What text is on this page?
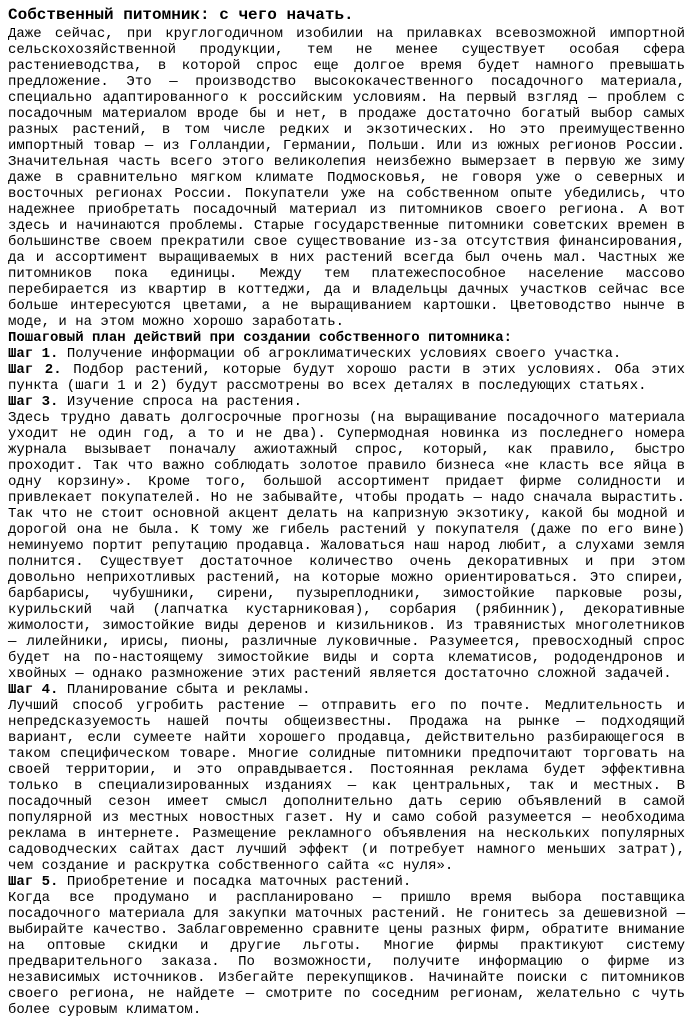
Собственный питомник: с чего начать.

Даже сейчас, при круглогодичном изобилии на прилавках всевозможной импортной сельскохозяйственной продукции, тем не менее существует особая сфера растениеводства, в которой спрос еще долгое время будет намного превышать предложение. Это — производство высококачественного посадочного материала, специально адаптированного к российским условиям. На первый взгляд — проблем с посадочным материалом вроде бы и нет, в продаже достаточно богатый выбор самых разных растений, в том числе редких и экзотических. Но это преимущественно импортный товар — из Голландии, Германии, Польши. Или из южных регионов России. Значительная часть всего этого великолепия неизбежно вымерзает в первую же зиму даже в сравнительно мягком климате Подмосковья, не говоря уже о северных и восточных регионах России. Покупатели уже на собственном опыте убедились, что надежнее приобретать посадочный материал из питомников своего региона. А вот здесь и начинаются проблемы. Старые государственные питомники советских времен в большинстве своем прекратили свое существование из-за отсутствия финансирования, да и ассортимент выращиваемых в них растений всегда был очень мал. Частных же питомников пока единицы. Между тем платежеспособное население массово перебирается из квартир в коттеджи, да и владельцы дачных участков сейчас все больше интересуются цветами, а не выращиванием картошки. Цветоводство нынче в моде, и на этом можно хорошо заработать.

Пошаговый план действий при создании собственного питомника:

Шаг 1. Получение информации об агроклиматических условиях своего участка.

Шаг 2. Подбор растений, которые будут хорошо расти в этих условиях. Оба этих пункта (шаги 1 и 2) будут рассмотрены во всех деталях в последующих статьях.

Шаг 3. Изучение спроса на растения.

Здесь трудно давать долгосрочные прогнозы (на выращивание посадочного материала уходит не один год, а то и не два). Супермодная новинка из последнего номера журнала вызывает поначалу ажиотажный спрос, который, как правило, быстро проходит. Так что важно соблюдать золотое правило бизнеса «не класть все яйца в одну корзину». Кроме того, большой ассортимент придает фирме солидности и привлекает покупателей. Но не забывайте, чтобы продать — надо сначала вырастить. Так что не стоит основной акцент делать на капризную экзотику, какой бы модной и дорогой она не была. К тому же гибель растений у покупателя (даже по его вине) неминуемо портит репутацию продавца. Жаловаться наш народ любит, а слухами земля полнится. Существует достаточное количество очень декоративных и при этом довольно неприхотливых растений, на которые можно ориентироваться. Это спиреи, барбарисы, чубушники, сирени, пузыреплодники, зимостойкие парковые розы, курильский чай (лапчатка кустарниковая), сорбария (рябинник), декоративные жимолости, зимостойкие виды деренов и кизильников. Из травянистых многолетников — лилейники, ирисы, пионы, различные луковичные. Разумеется, превосходный спрос будет на по-настоящему зимостойкие виды и сорта клематисов, рододендронов и хвойных — однако размножение этих растений является достаточно сложной задачей.

Шаг 4. Планирование сбыта и рекламы.

Лучший способ угробить растение — отправить его по почте. Медлительность и непредсказуемость нашей почты общеизвестны. Продажа на рынке — подходящий вариант, если сумеете найти хорошего продавца, действительно разбирающегося в таком специфическом товаре. Многие солидные питомники предпочитают торговать на своей территории, и это оправдывается. Постоянная реклама будет эффективна только в специализированных изданиях — как центральных, так и местных. В посадочный сезон имеет смысл дополнительно дать серию объявлений в самой популярной из местных новостных газет. Ну и само собой разумеется — необходима реклама в интернете. Размещение рекламного объявления на нескольких популярных садоводческих сайтах даст лучший эффект (и потребует намного меньших затрат), чем создание и раскрутка собственного сайта «с нуля».

Шаг 5. Приобретение и посадка маточных растений.

Когда все продумано и распланировано — пришло время выбора поставщика посадочного материала для закупки маточных растений. Не гонитесь за дешевизной — выбирайте качество. Заблаговременно сравните цены разных фирм, обратите внимание на оптовые скидки и другие льготы. Многие фирмы практикуют систему предварительного заказа. По возможности, получите информацию о фирме из независимых источников. Избегайте перекупщиков. Начинайте поиски с питомников своего региона, не найдете — смотрите по соседним регионам, желательно с чуть более суровым климатом.
